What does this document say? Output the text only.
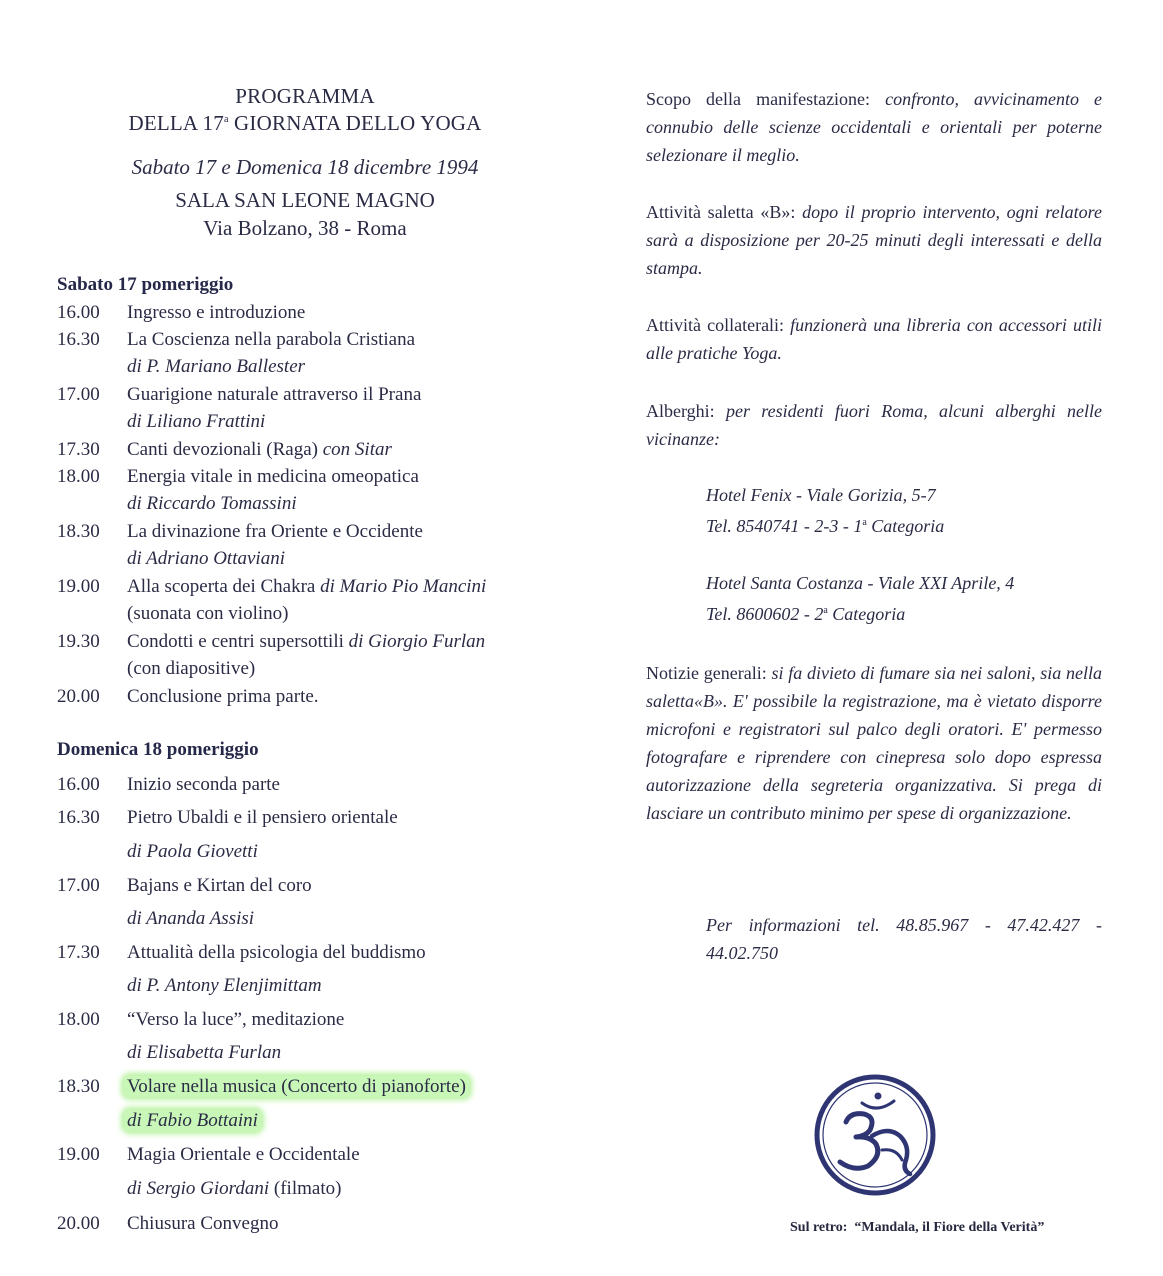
PROGRAMMA
DELLA 17$^a$ GIORNATA DELLO YOGA
Sabato 17 e Domenica 18 dicembre 1994
SALA SAN LEONE MAGNO
Via Bolzano, 38 - Roma
Sabato 17 pomeriggio
16.00	Ingresso e introduzione
16.30	La Coscienza nella parabola Cristiana
di P. Mariano Ballester
17.00	Guarigione naturale attraverso il Prana
di Liliano Frattini
17.30	Canti devozionali (Raga) con Sitar
18.00	Energia vitale in medicina omeopatica
di Riccardo Tomassini
18.30	La divinazione fra Oriente e Occidente
di Adriano Ottaviani
19.00	Alla scoperta dei Chakra di Mario Pio Mancini
(suonata con violino)
19.30	Condotti e centri supersottili di Giorgio Furlan
(con diapositive)
20.00	Conclusione prima parte.
Domenica 18 pomeriggio
16.00	Inizio seconda parte
16.30	Pietro Ubaldi e il pensiero orientale
di Paola Giovetti
17.00	Bajans e Kirtan del coro
di Ananda Assisi
17.30	Attualità della psicologia del buddismo
di P. Antony Elenjimittam
18.00	“Verso la luce”, meditazione
di Elisabetta Furlan
18.30	Volare nella musica (Concerto di pianoforte)
di Fabio Bottaini
19.00	Magia Orientale e Occidentale
di Sergio Giordani (filmato)
20.00	Chiusura Convegno
Scopo della manifestazione: confronto, avvicinamento e connubio delle scienze occidentali e orientali per poterne selezionare il meglio.
Attività saletta «B»: dopo il proprio intervento, ogni relatore sarà a disposizione per 20-25 minuti degli interessati e della stampa.
Attività collaterali: funzionerà una libreria con accessori utili alle pratiche Yoga.
Alberghi: per residenti fuori Roma, alcuni alberghi nelle vicinanze:
Hotel Fenix - Viale Gorizia, 5-7
Tel. 8540741 - 2-3 - 1$^a$ Categoria
Hotel Santa Costanza - Viale XXI Aprile, 4
Tel. 8600602 - 2$^a$ Categoria
Notizie generali: si fa divieto di fumare sia nei saloni, sia nella saletta«B». E' possibile la registrazione, ma è vietato disporre microfoni e registratori sul palco degli oratori. E' permesso fotografare e riprendere con cinepresa solo dopo espressa autorizzazione della segreteria organizzativa. Si prega di lasciare un contributo minimo per spese di organizzazione.
Per informazioni tel. 48.85.967 - 47.42.427 - 44.02.750
Sul retro: “Mandala, il Fiore della Verità”
